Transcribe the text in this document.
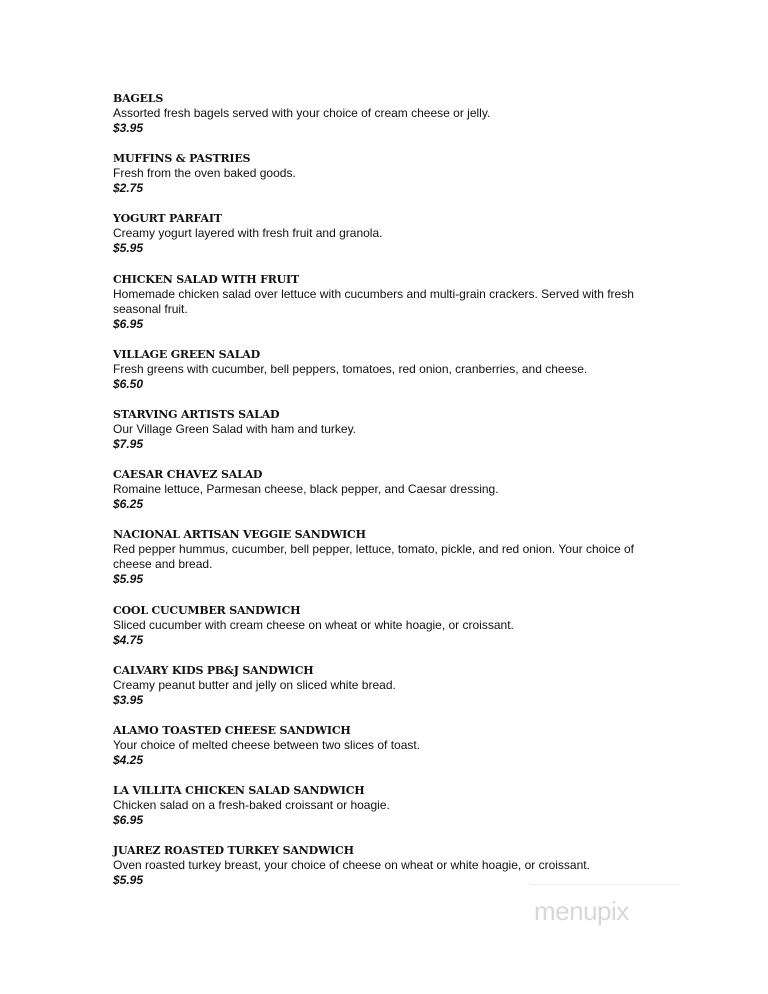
BAGELS
Assorted fresh bagels served with your choice of cream cheese or jelly.
$3.95
MUFFINS & PASTRIES
Fresh from the oven baked goods.
$2.75
YOGURT PARFAIT
Creamy yogurt layered with fresh fruit and granola.
$5.95
CHICKEN SALAD WITH FRUIT
Homemade chicken salad over lettuce with cucumbers and multi-grain crackers. Served with fresh seasonal fruit.
$6.95
VILLAGE GREEN SALAD
Fresh greens with cucumber, bell peppers, tomatoes, red onion, cranberries, and cheese.
$6.50
STARVING ARTISTS SALAD
Our Village Green Salad with ham and turkey.
$7.95
CAESAR CHAVEZ SALAD
Romaine lettuce, Parmesan cheese, black pepper, and Caesar dressing.
$6.25
NACIONAL ARTISAN VEGGIE SANDWICH
Red pepper hummus, cucumber, bell pepper, lettuce, tomato, pickle, and red onion. Your choice of cheese and bread.
$5.95
COOL CUCUMBER SANDWICH
Sliced cucumber with cream cheese on wheat or white hoagie, or croissant.
$4.75
CALVARY KIDS PB&J SANDWICH
Creamy peanut butter and jelly on sliced white bread.
$3.95
ALAMO TOASTED CHEESE SANDWICH
Your choice of melted cheese between two slices of toast.
$4.25
LA VILLITA CHICKEN SALAD SANDWICH
Chicken salad on a fresh-baked croissant or hoagie.
$6.95
JUAREZ ROASTED TURKEY SANDWICH
Oven roasted turkey breast, your choice of cheese on wheat or white hoagie, or croissant.
$5.95
menupix
